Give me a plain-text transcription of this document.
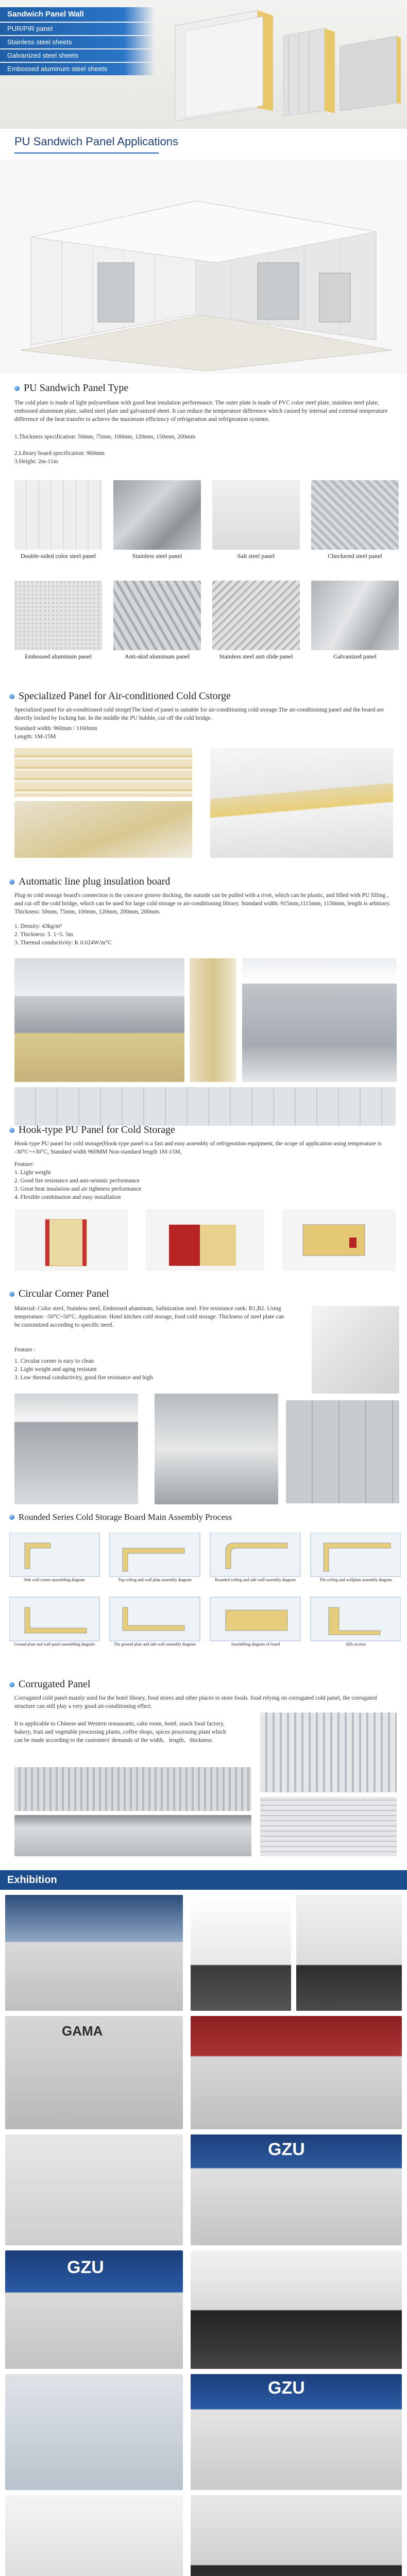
Sandwich Panel Wall
PUR/PIR panel
Stainless steel sheets
Galvanized steel sheets
Embossed aluminum steel sheets
PU Sandwich Panel Applications
PU Sandwich Panel Type
The cold plate is made of light polyurethane with good heat insulation performance. The outer plate is made of PVC color steel plate, stainless steel plate, embossed aluminum plate, salted steel plate and galvanized sheet. It can reduce the temperature difference which caused by internal and external temperature difference of the heat transfer to achieve the maximum efficiency of refrigeration and refrigeration systems.
1.Thickness specification: 50mm, 75mm, 100mm, 120mm, 150mm, 200mm
2.Library board specification: 960mm
3.Height: 2m-11m
Double-sided color steel panel	Stainless steel panel	Salt steel panel	Checkered steel panel
Embossed aluminum panel	Anti-skid aluminum panel	Stainless steel anti slide panel	Galvanized panel
Specialized Panel for Air-conditioned Cold Cstorge
Specialized panel for air-conditioned cold storge(The kind of panel is suitable for air-conditioning cold storage.The air-conditioning panel and the board are directly locked by locking bar. In the middle the PU bubble, cut off the cold bridge.
Standard width: 960mm / 1160mm
Length: 1M-15M
Automatic line plug insulation board
Plug-in cold storage board's connection is the concave groove docking, the outside can be pulled with a rivet, which can be plastic, and filled with PU filling , and cut off the cold bridge, which can be used for large cold storage or air-conditioning library. Standard width: 915mm,1115mm, 1150mm, length is arbitrary. Thickness: 50mm, 75mm, 100mm, 120mm, 200mm, 200mm.
1. Density: 43kg/m³
2. Thickness: 5. 1~5. 5m
3. Thermal conductivity: K 0.024W/m°C
Hook-type PU Panel for Cold Storage
Hook-type PU panel for cold storage(Hook-type panel is a fast and easy assembly of refrigeration equipment, the scope of application using temperature is -30°C~+30°C, Standard width 960MM Non-standard length 1M-15M,
Feature:
1. Light weight
2. Good fire resistance and anti-seismic performance
3. Great heat insulation and air tightness performance
4. Flexible combination and easy installation
Circular Corner Panel
Material: Color steel, Stainless steel, Embossed aluminum, Salinization steel. Fire resistance rank: B1,B2. Using temperature: -50°C~50°C. Application: Hotel kitchen cold storage, food cold storage. Thickness of steel plate can be customized according to specific need.
Feature :
1. Circular corner is easy to clean
2. Light weight and aging resistant
3. Low thermal conductivity, good fire resistance and high
Rounded Series Cold Storage Board Main Assembly Process
Side wall corner assembling diagram	Top ceiling and wall plate assembly diagram	Rounded ceiling and side wall assembly diagram	The ceiling and wallplate assembly diagram
Ground plate and wall panel assembling diagram	The ground plate and side wall assembly diagram	Assembling diagram of board	Sills section
Corrugated Panel
Corrugated cold panel mainly used for the hotel library, food stores and other places to store foods. food relying on corrugated cold panel, the corrugated structure can still play a very good air-conditioning effect.
It is applicable to Chinese and Western restaurants, cake room, hotel, snack food factory, bakery, fruit and vegetable processing plants, coffee shops, spices processing plant which can be made according to the customers' demands of the width、length、thickness.
Exhibition
GAMA
GZU
GZU
GZU
